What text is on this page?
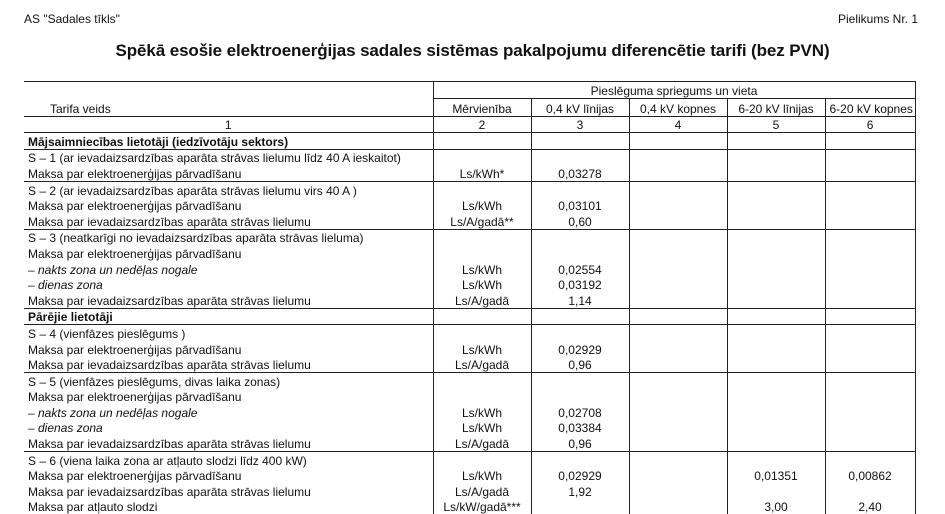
AS "Sadales tīkls"	Pielikums Nr. 1
Spēkā esošie elektroenerģijas sadales sistēmas pakalpojumu diferencētie tarifi (bez PVN)
	Pieslēguma spriegums un vieta				
Tarifa veids	Mērvienība	0,4 kV līnijas	0,4 kV kopnes	6-20 kV līnijas	6-20 kV kopnes
1	2	3	4	5	6
Mājsaimniecības lietotāji (iedzīvotāju sektors)					
S – 1 (ar ievadaizsardzības aparāta strāvas lielumu līdz 40 A ieskaitot)					
Maksa par elektroenerģijas pārvadīšanu	Ls/kWh*	0,03278			
S – 2 (ar ievadaizsardzības aparāta strāvas lielumu virs 40 A )					
Maksa par elektroenerģijas pārvadīšanu	Ls/kWh	0,03101			
Maksa par ievadaizsardzības aparāta strāvas lielumu	Ls/A/gadā**	0,60			
S – 3 (neatkarīgi no ievadaizsardzības aparāta strāvas lieluma)					
Maksa par elektroenerģijas pārvadīšanu					
– nakts zona un nedēļas nogale	Ls/kWh	0,02554			
– dienas zona	Ls/kWh	0,03192			
Maksa par ievadaizsardzības aparāta strāvas lielumu	Ls/A/gadā	1,14			
Pārējie lietotāji					
S – 4 (vienfāzes pieslēgums )					
Maksa par elektroenerģijas pārvadīšanu	Ls/kWh	0,02929			
Maksa par ievadaizsardzības aparāta strāvas lielumu	Ls/A/gadā	0,96			
S – 5 (vienfāzes pieslēgums, divas laika zonas)					
Maksa par elektroenerģijas pārvadīšanu					
– nakts zona un nedēļas nogale	Ls/kWh	0,02708			
– dienas zona	Ls/kWh	0,03384			
Maksa par ievadaizsardzības aparāta strāvas lielumu	Ls/A/gadā	0,96			
S – 6 (viena laika zona ar atļauto slodzi līdz 400 kW)					
Maksa par elektroenerģijas pārvadīšanu	Ls/kWh	0,02929		0,01351	0,00862
Maksa par ievadaizsardzības aparāta strāvas lielumu	Ls/A/gadā	1,92			
Maksa par atļauto slodzi	Ls/kW/gadā***			3,00	2,40
